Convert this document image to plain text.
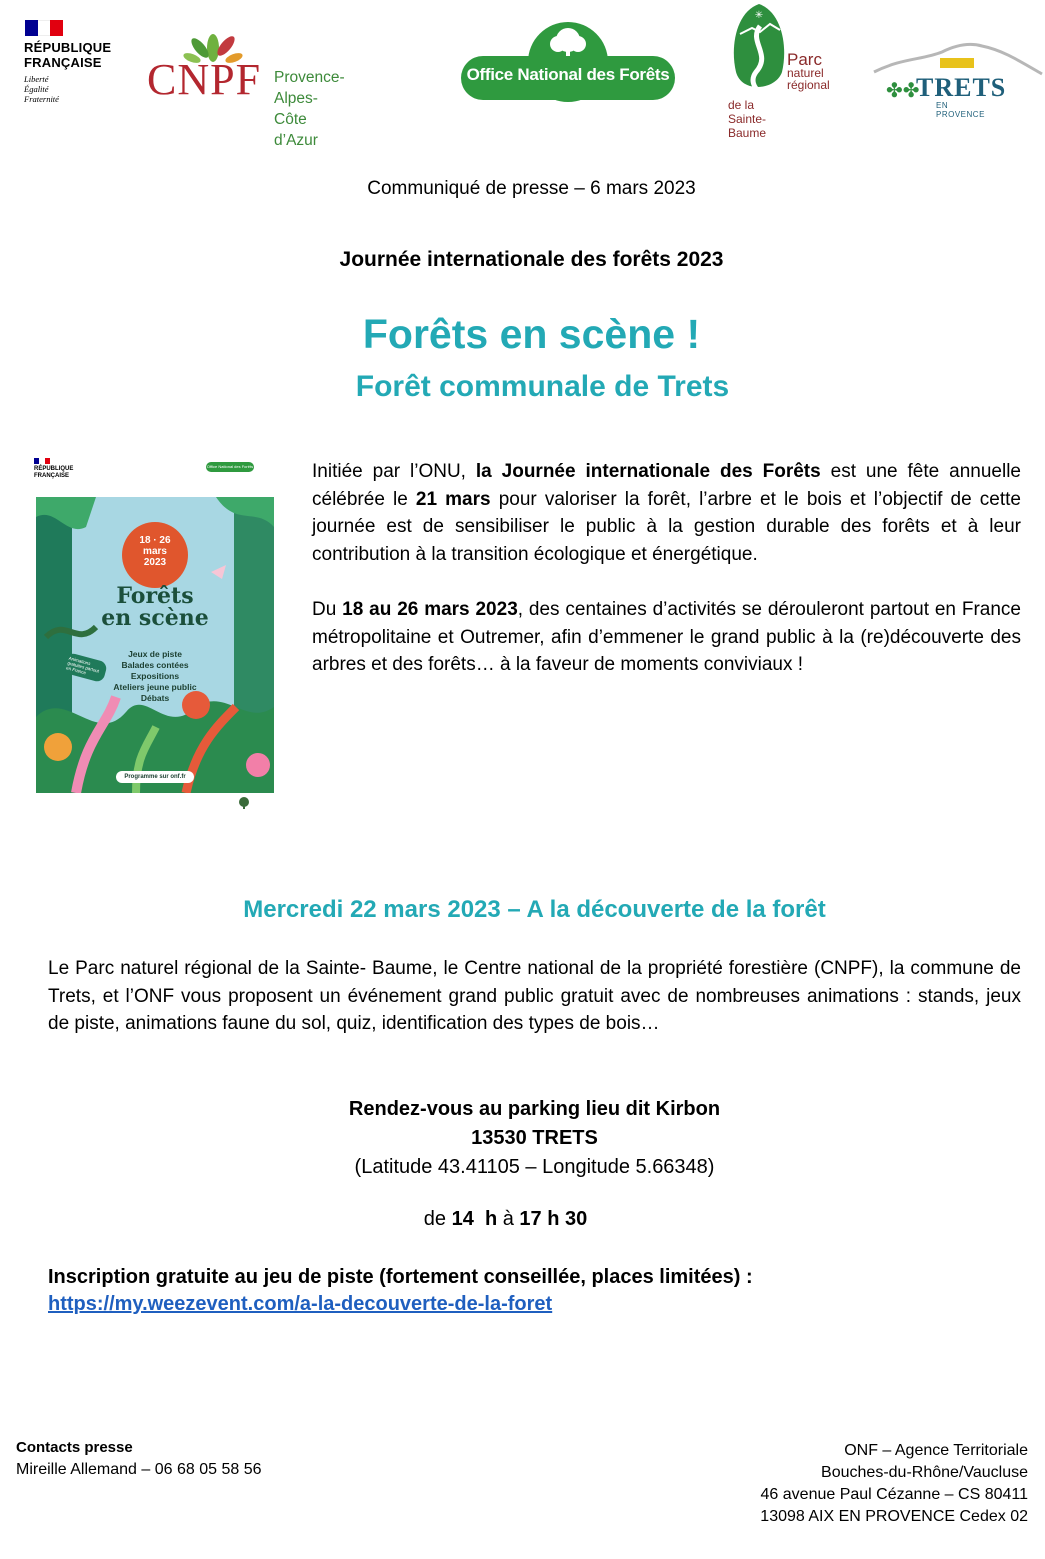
RÉPUBLIQUE
FRANÇAISE
Liberté
Égalité
Fraternité CNPF Provence-Alpes-
Côte d’Azur
Office National des Forêts
✳
Parc
naturel
régional
de la Sainte-Baume
✤✤
TRETS
EN PROVENCE
Communiqué de presse – 6 mars 2023
Journée internationale des forêts 2023
Forêts en scène !
Forêt communale de Trets
RÉPUBLIQUE FRANÇAISE
Office National des Forêts
18 · 26
mars
2023
Forêts
en scène
Animations gratuites partout en France
Jeux de piste
Balades contées
Expositions
Ateliers jeune public
Débats
Programme sur onf.fr

Initiée par l’ONU, la Journée internationale des Forêts est une fête annuelle célébrée le 21 mars pour valoriser la forêt, l’arbre et le bois et l’objectif de cette journée est de sensibiliser le public à la gestion durable des forêts et à leur contribution à la transition écologique et énergétique.

Du 18 au 26 mars 2023, des centaines d’activités se dérouleront partout en France métropolitaine et Outremer, afin d’emmener le grand public à la (re)découverte des arbres et des forêts… à la faveur de moments conviviaux !

Mercredi 22 mars 2023 – A la découverte de la forêt
Le Parc naturel régional de la Sainte- Baume, le Centre national de la propriété forestière (CNPF), la commune de Trets, et l’ONF vous proposent un événement grand public gratuit avec de nombreuses animations : stands, jeux de piste, animations faune du sol, quiz, identification des types de bois…
Rendez-vous au parking lieu dit Kirbon
13530 TRETS
(Latitude 43.41105 – Longitude 5.66348)
de 14  h à 17 h 30
Inscription gratuite au jeu de piste (fortement conseillée, places limitées) :
https://my.weezevent.com/a-la-decouverte-de-la-foret
Contacts presse
Mireille Allemand – 06 68 05 58 56
ONF – Agence Territoriale
Bouches-du-Rhône/Vaucluse
46 avenue Paul Cézanne – CS 80411
13098 AIX EN PROVENCE Cedex 02
